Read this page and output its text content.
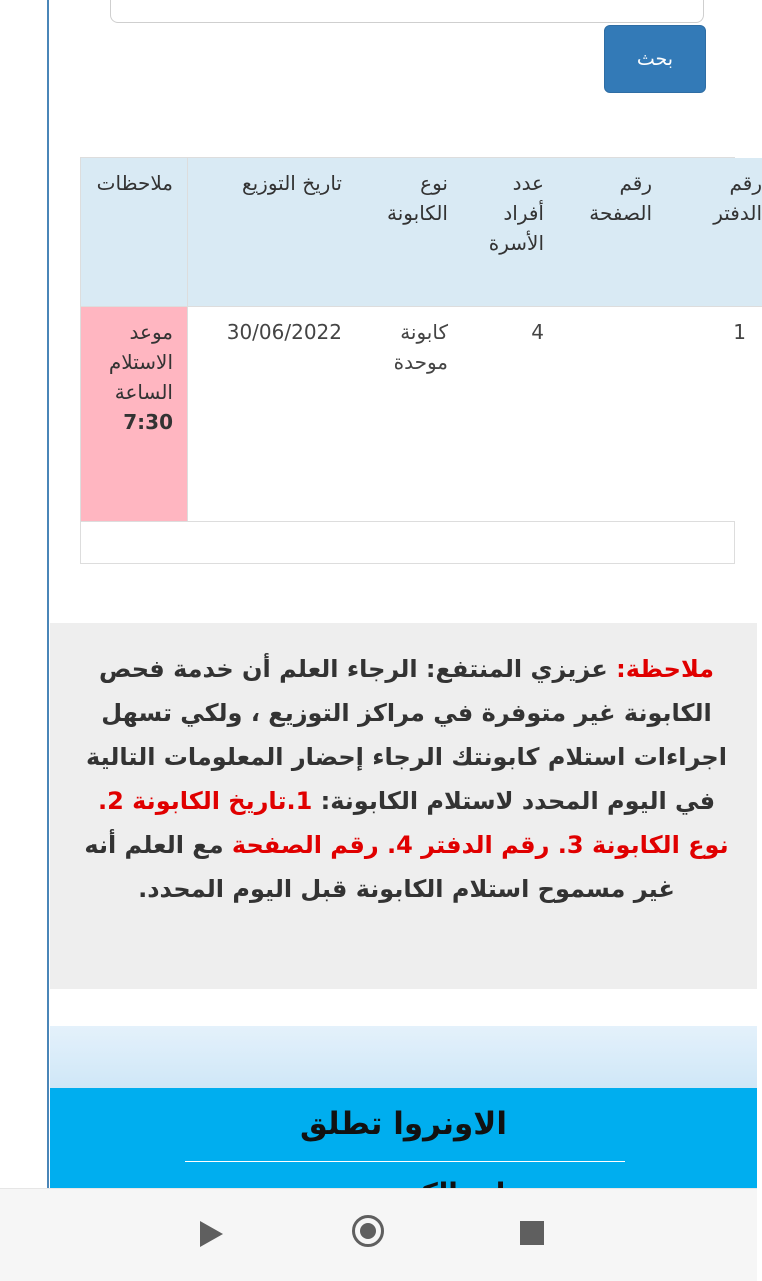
بحث
رقم الدفتر
1
رقم الصفحة
عدد أفراد الأسرة
4
نوع الكابونة
كابونة موحدة
تاريخ التوزيع
30/06/2022
ملاحظات
موعد الاستلام الساعة
7:30
ملاحظة: عزيزي المنتفع: الرجاء العلم أن خدمة فحص الكابونة غير متوفرة في مراكز التوزيع ، ولكي تسهل اجراءات استلام كابونتك الرجاء إحضار المعلومات التالية في اليوم المحدد لاستلام الكابونة: 1.تاريخ الكابونة 2. نوع الكابونة 3. رقم الدفتر 4. رقم الصفحة مع العلم أنه غير مسموح استلام الكابونة قبل اليوم المحدد.
الاونروا تطلق
